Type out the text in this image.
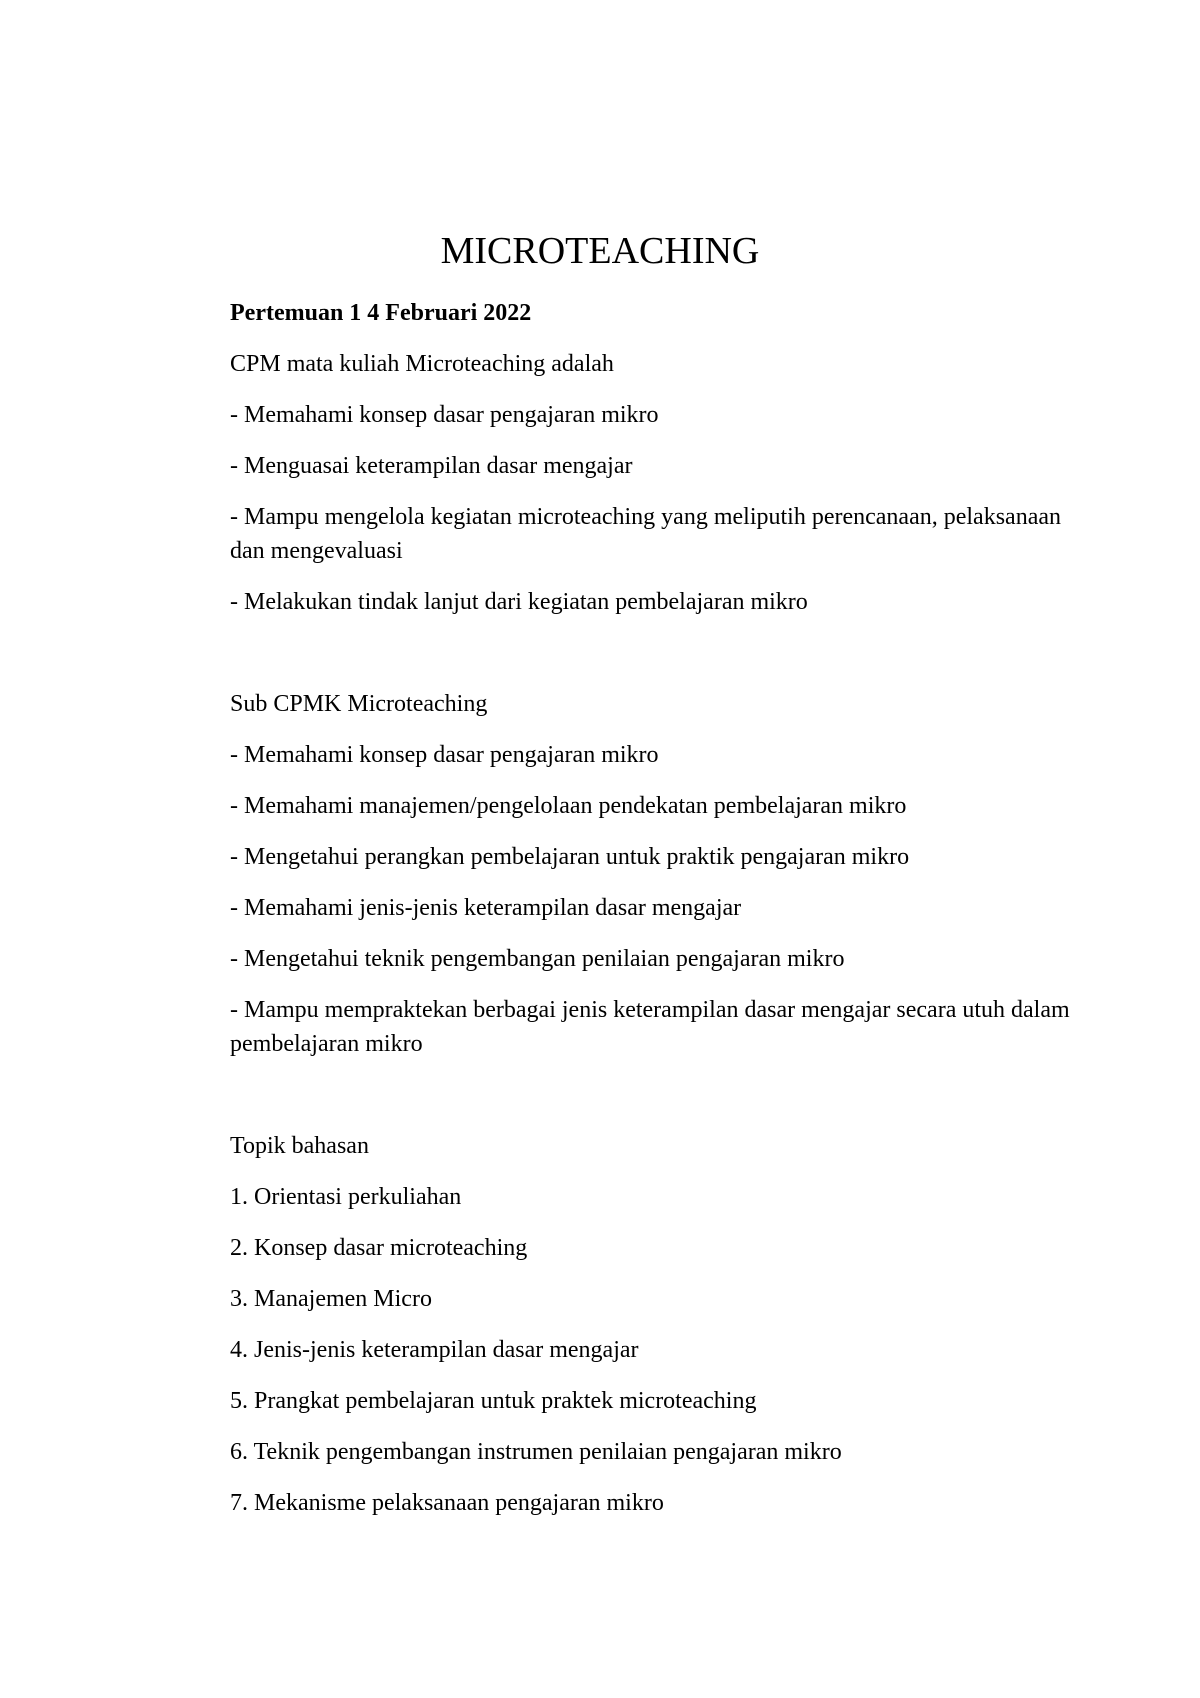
MICROTEACHING
Pertemuan 1 4 Februari 2022
CPM mata kuliah Microteaching adalah
- Memahami konsep dasar pengajaran mikro
- Menguasai keterampilan dasar mengajar
- Mampu mengelola kegiatan microteaching yang meliputih perencanaan, pelaksanaan dan mengevaluasi
- Melakukan tindak lanjut dari kegiatan pembelajaran mikro
Sub CPMK Microteaching
- Memahami konsep dasar pengajaran mikro
- Memahami manajemen/pengelolaan pendekatan pembelajaran mikro
- Mengetahui perangkan pembelajaran untuk praktik pengajaran mikro
- Memahami jenis-jenis keterampilan dasar mengajar
- Mengetahui teknik pengembangan penilaian pengajaran mikro
- Mampu mempraktekan berbagai jenis keterampilan dasar mengajar secara utuh dalam pembelajaran mikro
Topik bahasan
1. Orientasi perkuliahan
2. Konsep dasar microteaching
3. Manajemen Micro
4. Jenis-jenis keterampilan dasar mengajar
5. Prangkat pembelajaran untuk praktek microteaching
6. Teknik pengembangan instrumen penilaian pengajaran mikro
7. Mekanisme pelaksanaan pengajaran mikro
